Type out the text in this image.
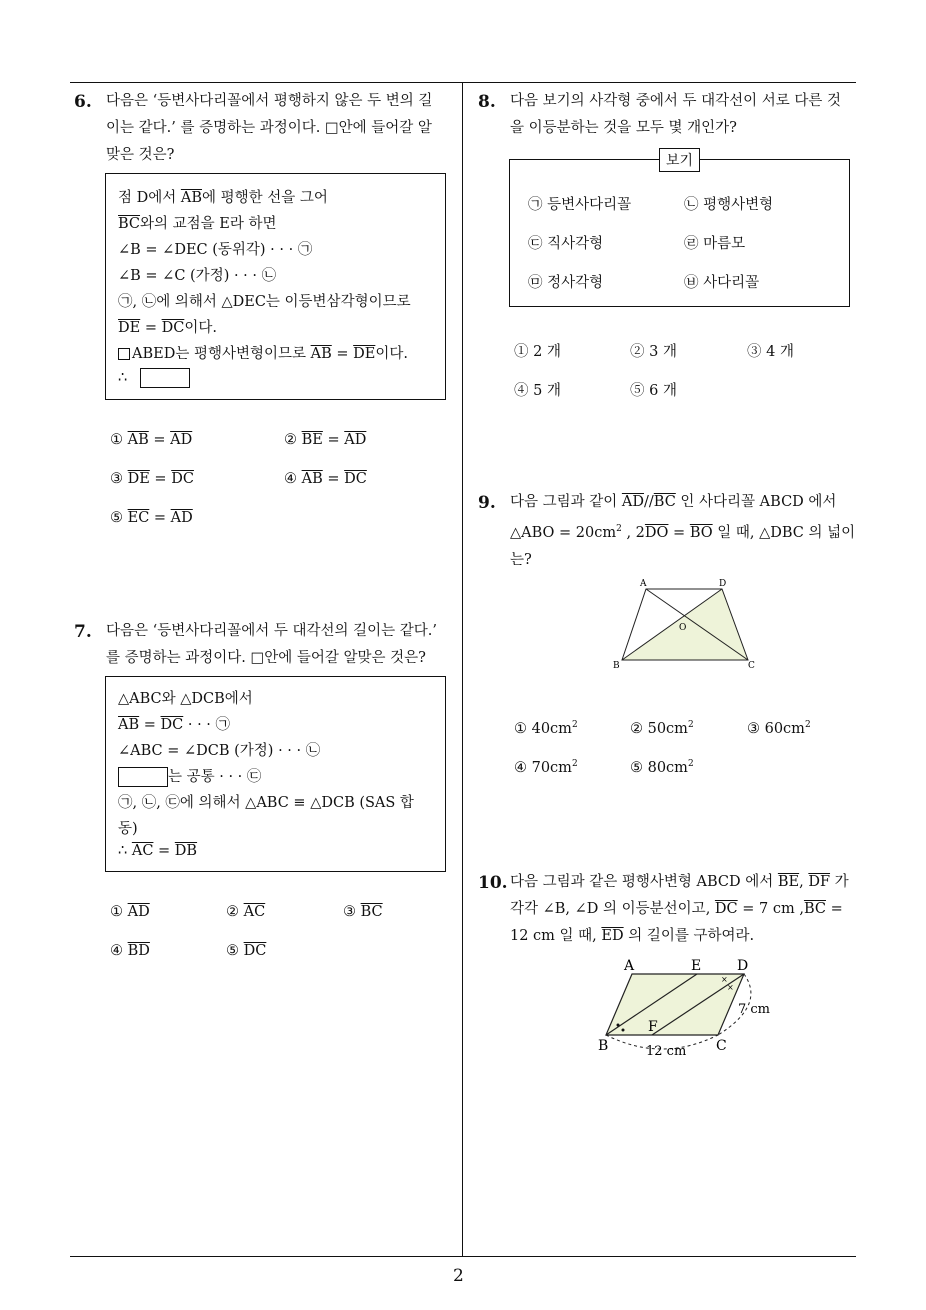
6. 다음은 ‘등변사다리꼴에서 평행하지 않은 두 변의 길
이는 같다.’ 를 증명하는 과정이다. □안에 들어갈 알
맞은 것은?
점 D에서 $\overline{AB}$에 평행한 선을 그어
$\overline{BC}$와의 교점을 E라 하면
∠B = ∠DEC (동위각) · · · ㉠
∠B = ∠C (가정) · · · ㉡
㉠, ㉡에 의해서 △DEC는 이등변삼각형이므로
$\overline{DE} = \overline{DC}$이다.
ABED는 평행사변형이므로 $\overline{AB} = \overline{DE}$이다.
∴
① $\overline{AB} = \overline{AD}$	② $\overline{BE} = \overline{AD}$
③ $\overline{DE} = \overline{DC}$	④ $\overline{AB} = \overline{DC}$
⑤ $\overline{EC} = \overline{AD}$
7. 다음은 ‘등변사다리꼴에서 두 대각선의 길이는 같다.’
를 증명하는 과정이다. □안에 들어갈 알맞은 것은?
△ABC와 △DCB에서
$\overline{AB} = \overline{DC}$ · · · ㉠
∠ABC = ∠DCB (가정) · · · ㉡
는 공통 · · · ㉢
㉠, ㉡, ㉢에 의해서 △ABC ≡ △DCB (SAS 합
동)
∴ $\overline{AC} = \overline{DB}$
① $\overline{AD}$	② $\overline{AC}$	③ $\overline{BC}$
④ $\overline{BD}$	⑤ $\overline{DC}$
8. 다음 보기의 사각형 중에서 두 대각선이 서로 다른 것
을 이등분하는 것을 모두 몇 개인가?
㉠ 등변사다리꼴	㉡ 평행사변형
㉢ 직사각형	㉣ 마름모
㉤ 정사각형	㉥ 사다리꼴
보기
① 2 개	② 3 개	③ 4 개
④ 5 개	⑤ 6 개
9. 다음 그림과 같이 $\overline{AD}//\overline{BC}$ 인 사다리꼴 ABCD 에서
△ABO = $20cm^2$ , $2\overline{DO} = \overline{BO}$ 일 때, △DBC 의 넓이
는?
A	D
O
B	C
① $40cm^2$	② $50cm^2$	③ $60cm^2$
④ $70cm^2$	⑤ $80cm^2$
10. 다음 그림과 같은 평행사변형 ABCD 에서 $\overline{BE}$, $\overline{DF}$ 가
각각 ∠B, ∠D 의 이등분선이고, $\overline{DC} = 7$ cm $,\overline{BC}$ =
12 cm 일 때, $\overline{ED}$ 의 길이를 구하여라.
×
×
A	E	D
B
F
C
7 cm
12 cm
2
